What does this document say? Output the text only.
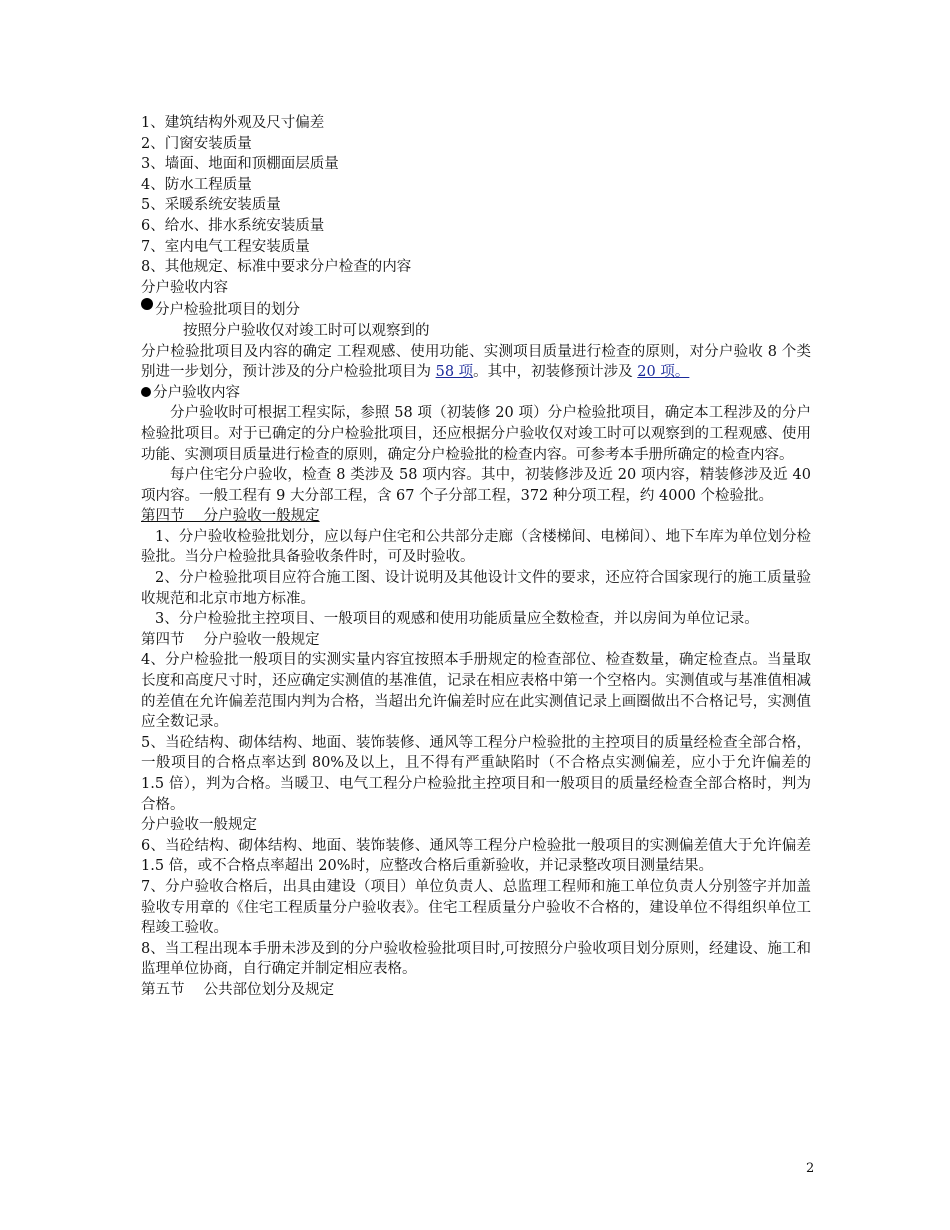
1、建筑结构外观及尺寸偏差
2、门窗安装质量
3、墙面、地面和顶棚面层质量
4、防水工程质量
5、采暖系统安装质量
6、给水、排水系统安装质量
7、室内电气工程安装质量
8、其他规定、标准中要求分户检查的内容
分户验收内容
分户检验批项目的划分
按照分户验收仅对竣工时可以观察到的
分户检验批项目及内容的确定 工程观感、使用功能、实测项目质量进行检查的原则，对分户验收 8 个类别进一步划分，预计涉及的分户检验批项目为 58 项。其中，初装修预计涉及 20 项。
分户验收内容
分户验收时可根据工程实际，参照 58 项（初装修 20 项）分户检验批项目，确定本工程涉及的分户检验批项目。对于已确定的分户检验批项目，还应根据分户验收仅对竣工时可以观察到的工程观感、使用功能、实测项目质量进行检查的原则，确定分户检验批的检查内容。可参考本手册所确定的检查内容。
每户住宅分户验收，检查 8 类涉及 58 项内容。其中，初装修涉及近 20 项内容，精装修涉及近 40 项内容。一般工程有 9 大分部工程，含 67 个子分部工程，372 种分项工程，约 4000 个检验批。
第四节　 分户验收一般规定
1、分户验收检验批划分，应以每户住宅和公共部分走廊（含楼梯间、电梯间）、地下车库为单位划分检验批。当分户检验批具备验收条件时，可及时验收。
2、分户检验批项目应符合施工图、设计说明及其他设计文件的要求，还应符合国家现行的施工质量验收规范和北京市地方标准。
3、分户检验批主控项目、一般项目的观感和使用功能质量应全数检查，并以房间为单位记录。
第四节　 分户验收一般规定
4、分户检验批一般项目的实测实量内容宜按照本手册规定的检查部位、检查数量，确定检查点。当量取长度和高度尺寸时，还应确定实测值的基准值，记录在相应表格中第一个空格内。实测值或与基准值相减的差值在允许偏差范围内判为合格，当超出允许偏差时应在此实测值记录上画圈做出不合格记号，实测值应全数记录。
5、当砼结构、砌体结构、地面、装饰装修、通风等工程分户检验批的主控项目的质量经检查全部合格，一般项目的合格点率达到 80%及以上，且不得有严重缺陷时（不合格点实测偏差，应小于允许偏差的 1.5 倍），判为合格。当暖卫、电气工程分户检验批主控项目和一般项目的质量经检查全部合格时，判为合格。
分户验收一般规定
6、当砼结构、砌体结构、地面、装饰装修、通风等工程分户检验批一般项目的实测偏差值大于允许偏差 1.5 倍，或不合格点率超出 20%时，应整改合格后重新验收，并记录整改项目测量结果。
7、分户验收合格后，出具由建设（项目）单位负责人、总监理工程师和施工单位负责人分别签字并加盖验收专用章的《住宅工程质量分户验收表》。住宅工程质量分户验收不合格的，建设单位不得组织单位工程竣工验收。
8、当工程出现本手册未涉及到的分户验收检验批项目时,可按照分户验收项目划分原则，经建设、施工和监理单位协商，自行确定并制定相应表格。
第五节　 公共部位划分及规定
2
